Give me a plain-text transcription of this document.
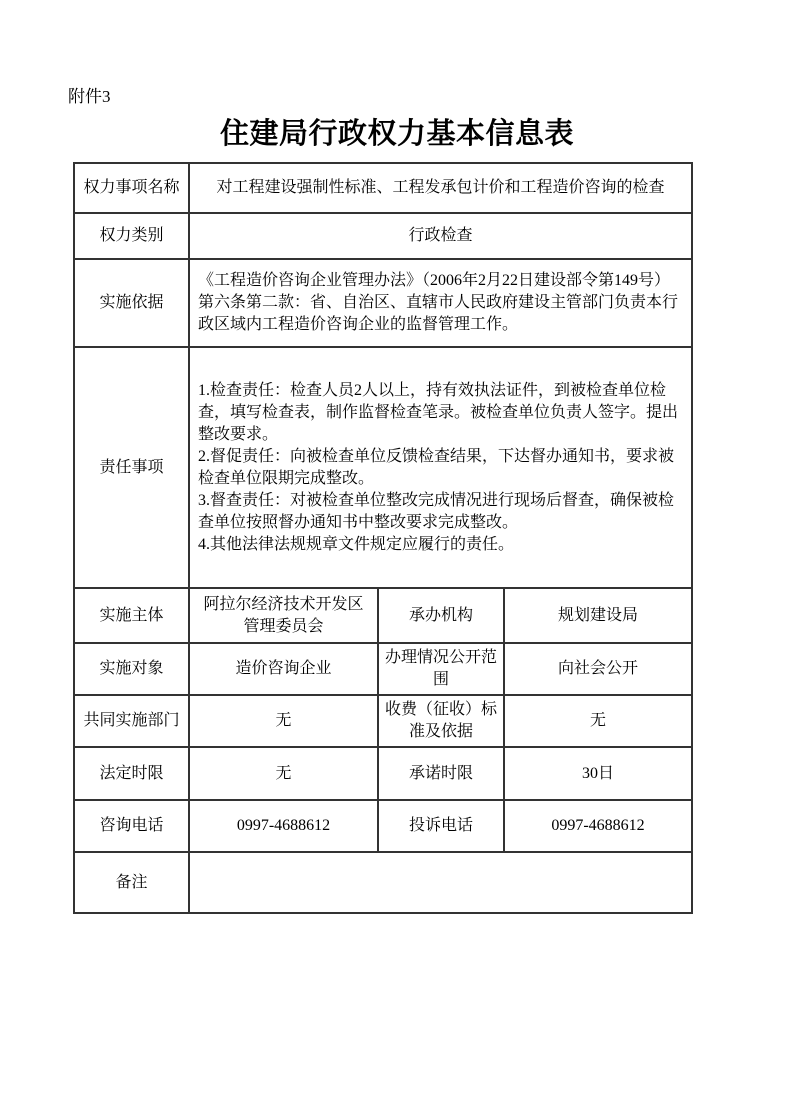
附件3
住建局行政权力基本信息表
权力事项名称	对工程建设强制性标准、工程发承包计价和工程造价咨询的检查		
权力类别	行政检查		
实施依据	《工程造价咨询企业管理办法》（2006年2月22日建设部令第149号）第六条第二款：省、自治区、直辖市人民政府建设主管部门负责本行政区域内工程造价咨询企业的监督管理工作。		
责任事项	1.检查责任：检查人员2人以上，持有效执法证件，到被检查单位检查，填写检查表，制作监督检查笔录。被检查单位负责人签字。提出整改要求。

2.督促责任：向被检查单位反馈检查结果，下达督办通知书，要求被检查单位限期完成整改。

3.督查责任：对被检查单位整改完成情况进行现场后督查，确保被检查单位按照督办通知书中整改要求完成整改。

4.其他法律法规规章文件规定应履行的责任。		

实施主体	阿拉尔经济技术开发区管理委员会	承办机构	规划建设局
实施对象	造价咨询企业	办理情况公开范围	向社会公开
共同实施部门	无	收费（征收）标准及依据	无
法定时限	无	承诺时限	30日
咨询电话	0997-4688612	投诉电话	0997-4688612
备注			
